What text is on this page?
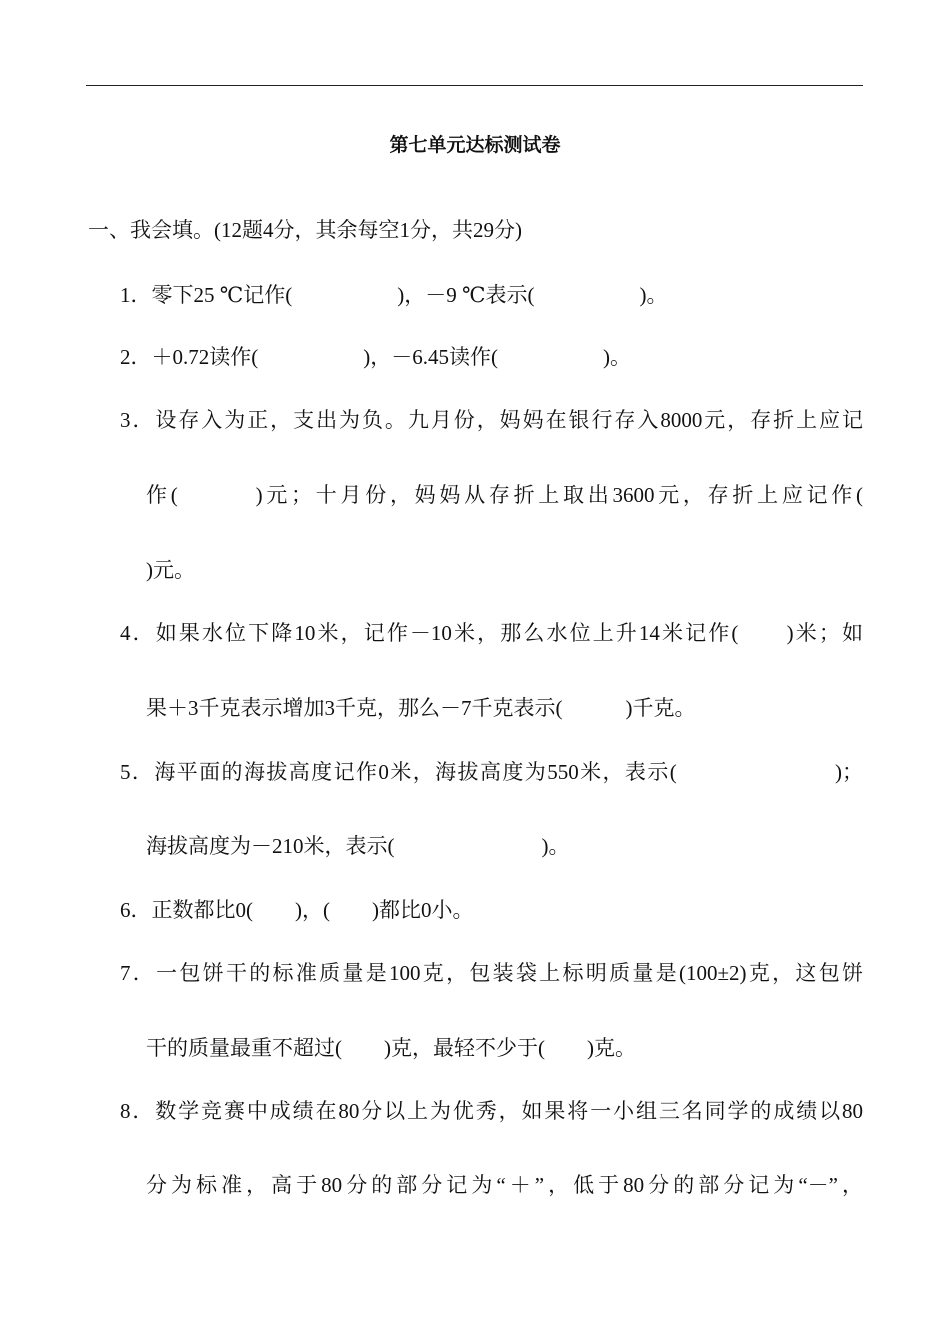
第七单元达标测试卷
一、我会填。(12题4分，其余每空1分，共29分)
1．零下25 ℃记作(　　　　　)，－9 ℃表示(　　　　　)。
2．＋0.72读作(　　　　　)，－6.45读作(　　　　　)。
3．设存入为正，支出为负。九月份，妈妈在银行存入8000元，存折上应记
作(　　　)元；十月份，妈妈从存折上取出3600元，存折上应记作(
)元。
4．如果水位下降10米，记作－10米，那么水位上升14米记作(　　)米；如
果＋3千克表示增加3千克，那么－7千克表示(　　　)千克。
5．海平面的海拔高度记作0米，海拔高度为550米，表示(　　　　　　　)；
海拔高度为－210米，表示(　　　　　　　)。
6．正数都比0(　　)，(　　)都比0小。
7．一包饼干的标准质量是100克，包装袋上标明质量是(100±2)克，这包饼
干的质量最重不超过(　　)克，最轻不少于(　　)克。
8．数学竞赛中成绩在80分以上为优秀，如果将一小组三名同学的成绩以80
分为标准，高于80分的部分记为“＋”，低于80分的部分记为“－”，
